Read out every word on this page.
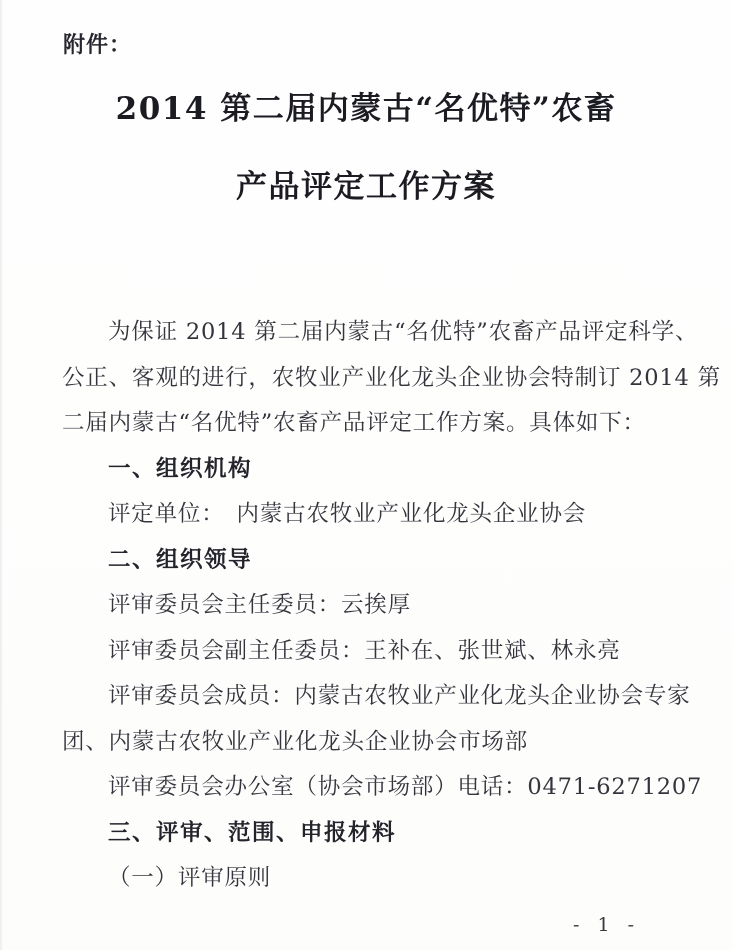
附件：
2014 第二届内蒙古“名优特”农畜
产品评定工作方案
为保证 2014 第二届内蒙古“名优特”农畜产品评定科学、
公正、客观的进行，农牧业产业化龙头企业协会特制订 2014 第
二届内蒙古“名优特”农畜产品评定工作方案。具体如下：
一、组织机构
评定单位：　内蒙古农牧业产业化龙头企业协会
二、组织领导
评审委员会主任委员：云挨厚
评审委员会副主任委员：王补在、张世斌、林永亮
评审委员会成员：内蒙古农牧业产业化龙头企业协会专家
团、内蒙古农牧业产业化龙头企业协会市场部
评审委员会办公室（协会市场部）电话：0471-6271207
三、评审、范围、申报材料
（一）评审原则
- 1 -
